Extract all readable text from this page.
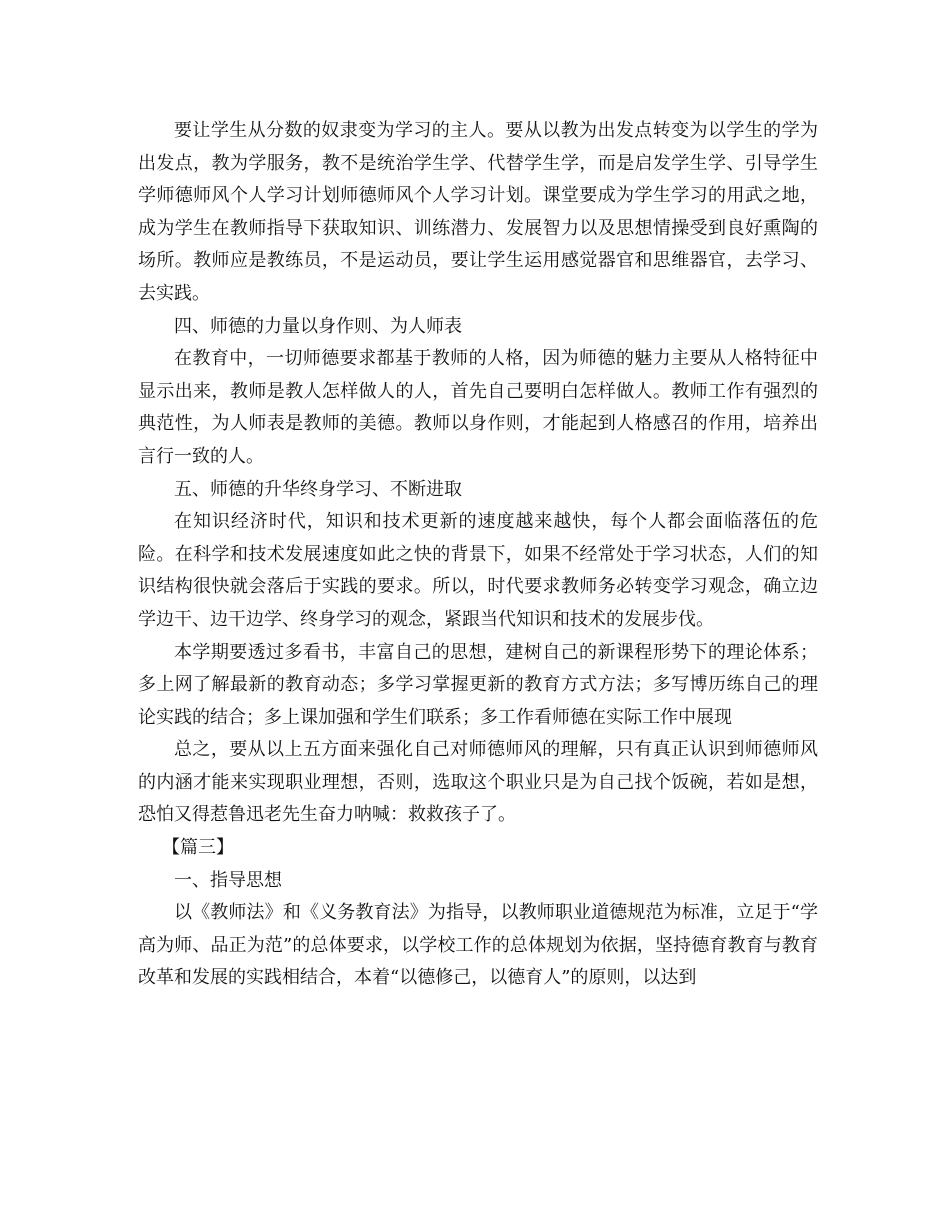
要让学生从分数的奴隶变为学习的主人。要从以教为出发点转变为以学生的学为出发点，教为学服务，教不是统治学生学、代替学生学，而是启发学生学、引导学生学师德师风个人学习计划师德师风个人学习计划。课堂要成为学生学习的用武之地，成为学生在教师指导下获取知识、训练潜力、发展智力以及思想情操受到良好熏陶的场所。教师应是教练员，不是运动员，要让学生运用感觉器官和思维器官，去学习、去实践。

四、师德的力量以身作则、为人师表

在教育中，一切师德要求都基于教师的人格，因为师德的魅力主要从人格特征中显示出来，教师是教人怎样做人的人，首先自己要明白怎样做人。教师工作有强烈的典范性，为人师表是教师的美德。教师以身作则，才能起到人格感召的作用，培养出言行一致的人。

五、师德的升华终身学习、不断进取

在知识经济时代，知识和技术更新的速度越来越快，每个人都会面临落伍的危险。在科学和技术发展速度如此之快的背景下，如果不经常处于学习状态，人们的知识结构很快就会落后于实践的要求。所以，时代要求教师务必转变学习观念，确立边学边干、边干边学、终身学习的观念，紧跟当代知识和技术的发展步伐。

本学期要透过多看书，丰富自己的思想，建树自己的新课程形势下的理论体系；多上网了解最新的教育动态；多学习掌握更新的教育方式方法；多写博历练自己的理论实践的结合；多上课加强和学生们联系；多工作看师德在实际工作中展现

总之，要从以上五方面来强化自己对师德师风的理解，只有真正认识到师德师风的内涵才能来实现职业理想，否则，选取这个职业只是为自己找个饭碗，若如是想，恐怕又得惹鲁迅老先生奋力呐喊：救救孩子了。

【篇三】

一、指导思想

以《教师法》和《义务教育法》为指导，以教师职业道德规范为标准，立足于“学高为师、品正为范”的总体要求，以学校工作的总体规划为依据，坚持德育教育与教育改革和发展的实践相结合，本着“以德修己，以德育人”的原则，以达到
